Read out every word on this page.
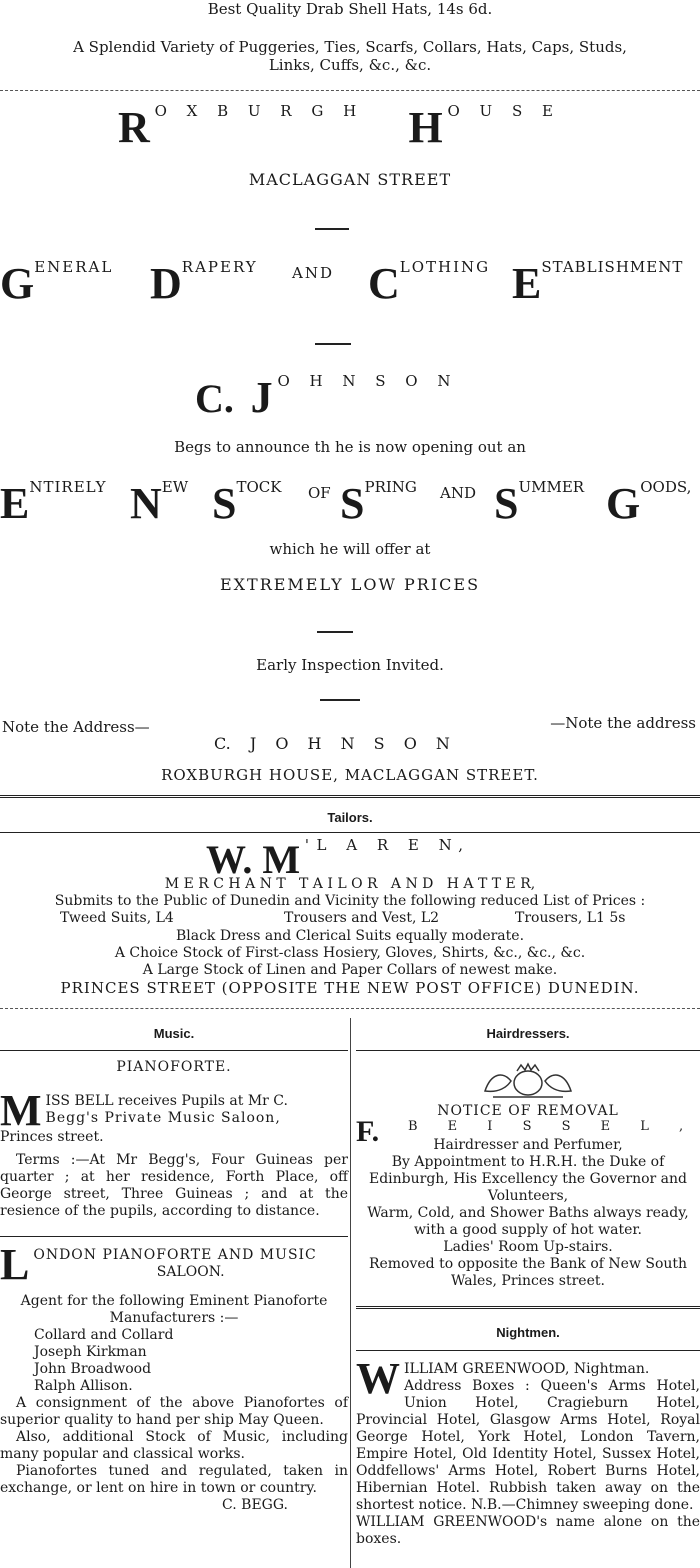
Best Quality Drab Shell Hats, 14s 6d.
A Splendid Variety of Puggeries, Ties, Scarfs, Collars, Hats, Caps, Studs,
Links, Cuffs, &c., &c.
R O X B U R G H H O U S E
MACLAGGAN STREET
GENERAL DRAPERY AND CLOTHING ESTABLISHMENT
C. J O H N S O N
Begs to announce th he is now opening out an
ENTIRELY NEW STOCK OF SPRING AND SUMMER GOODS,
which he will offer at
EXTREMELY LOW PRICES
Early Inspection Invited.
Note the Address—	—Note the address
C. J O H N S O N
ROXBURGH HOUSE, MACLAGGAN STREET.
Tailors.
W. M 'L A R E N,
M E R C H A N T   T A I L O R   A N D   H A T T E R,
Submits to the Public of Dunedin and Vicinity the following reduced List of Prices :
Tweed Suits, L4	Trousers and Vest, L2	Trousers, L1 5s
Black Dress and Clerical Suits equally moderate.
A Choice Stock of First-class Hosiery, Gloves, Shirts, &c., &c., &c.
A Large Stock of Linen and Paper Collars of newest make.
PRINCES STREET (OPPOSITE THE NEW POST OFFICE) DUNEDIN.
Music.
PIANOFORTE.
M ISS BELL receives Pupils at Mr C.
Begg's Private Music Saloon,
Princes street.
Terms :—At Mr Begg's, Four Guineas per quarter ; at her residence, Forth Place, off George street, Three Guineas ; and at the resience of the pupils, according to distance.
L ONDON PIANOFORTE AND MUSIC
SALOON.
Agent for the following Eminent Pianoforte Manufacturers :—
Collard and Collard
Joseph Kirkman
John Broadwood
Ralph Allison.
A consignment of the above Pianofortes of superior quality to hand per ship May Queen.
Also, additional Stock of Music, including many popular and classical works.
Pianofortes tuned and regulated, taken in exchange, or lent on hire in town or country.
C. BEGG.
Hairdressers.
NOTICE OF REMOVAL
F. B E I S S E L ,
Hairdresser and Perfumer,
By Appointment to H.R.H. the Duke of Edinburgh, His Excellency the Governor and Volunteers,
Warm, Cold, and Shower Baths always ready, with a good supply of hot water.
Ladies' Room Up-stairs.
Removed to opposite the Bank of New South Wales, Princes street.
Nightmen.
W ILLIAM GREENWOOD, Nightman.
Address Boxes : Queen's Arms Hotel, Union Hotel, Cragieburn Hotel, Provincial Hotel, Glasgow Arms Hotel, Royal George Hotel, York Hotel, London Tavern, Empire Hotel, Old Identity Hotel, Sussex Hotel, Oddfellows' Arms Hotel, Robert Burns Hotel, Hibernian Hotel. Rubbish taken away on the shortest notice. N.B.—Chimney sweeping done.
WILLIAM GREENWOOD's name alone on the boxes.
